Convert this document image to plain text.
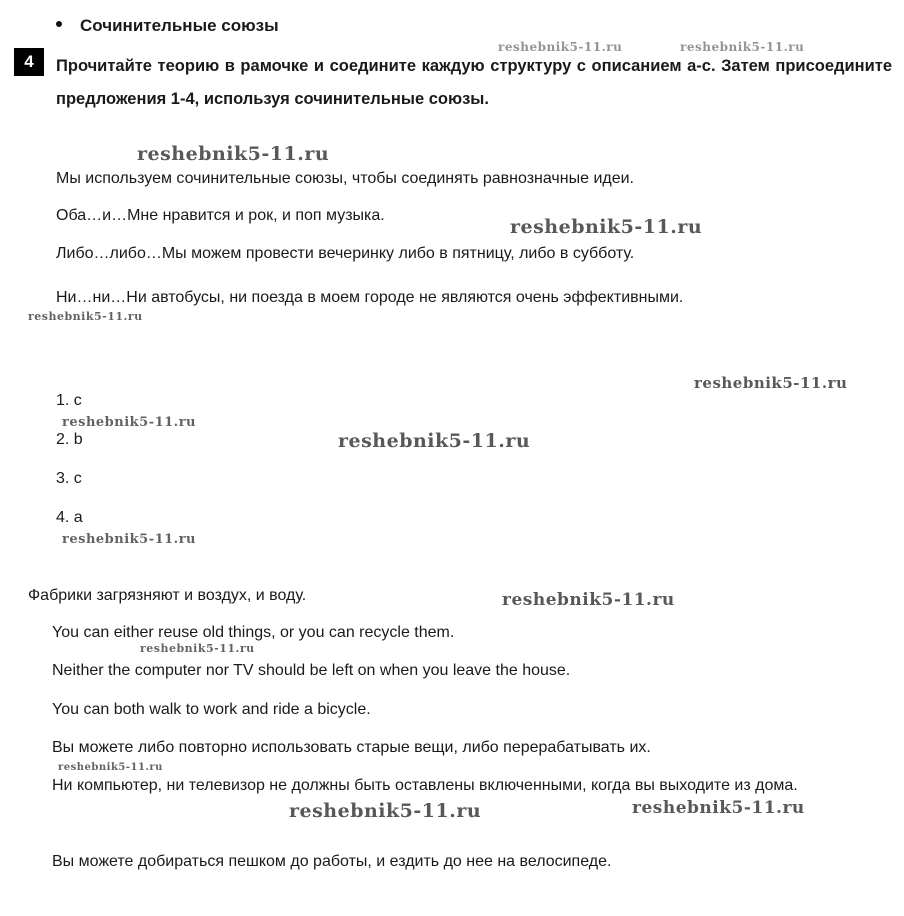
Сочинительные союзы
4	Прочитайте теорию в рамочке и соедините каждую структуру с описанием а-с. Затем присоедините предложения 1-4, используя сочинительные союзы.
Мы используем сочинительные союзы, чтобы соединять равнозначные идеи.
Оба…и…Мне нравится и рок, и поп музыка.
Либо…либо…Мы можем провести вечеринку либо в пятницу, либо в субботу.
Ни…ни…Ни автобусы, ни поезда в моем городе не являются очень эффективными.
1. c
2. b
3. c
4. a
Фабрики загрязняют и воздух, и воду.
You can either reuse old things, or you can recycle them.
Neither the computer nor TV should be left on when you leave the house.
You can both walk to work and ride a bicycle.
Вы можете либо повторно использовать старые вещи, либо перерабатывать их.
Ни компьютер, ни телевизор не должны быть оставлены включенными, когда вы выходите из дома.
Вы можете добираться пешком до работы, и ездить до нее на велосипеде.
reshebnik5-11.ru	reshebnik5-11.ru
reshebnik5-11.ru
reshebnik5-11.ru
reshebnik5-11.ru
reshebnik5-11.ru
reshebnik5-11.ru
reshebnik5-11.ru
reshebnik5-11.ru
reshebnik5-11.ru
reshebnik5-11.ru
reshebnik5-11.ru
reshebnik5-11.ru	reshebnik5-11.ru
